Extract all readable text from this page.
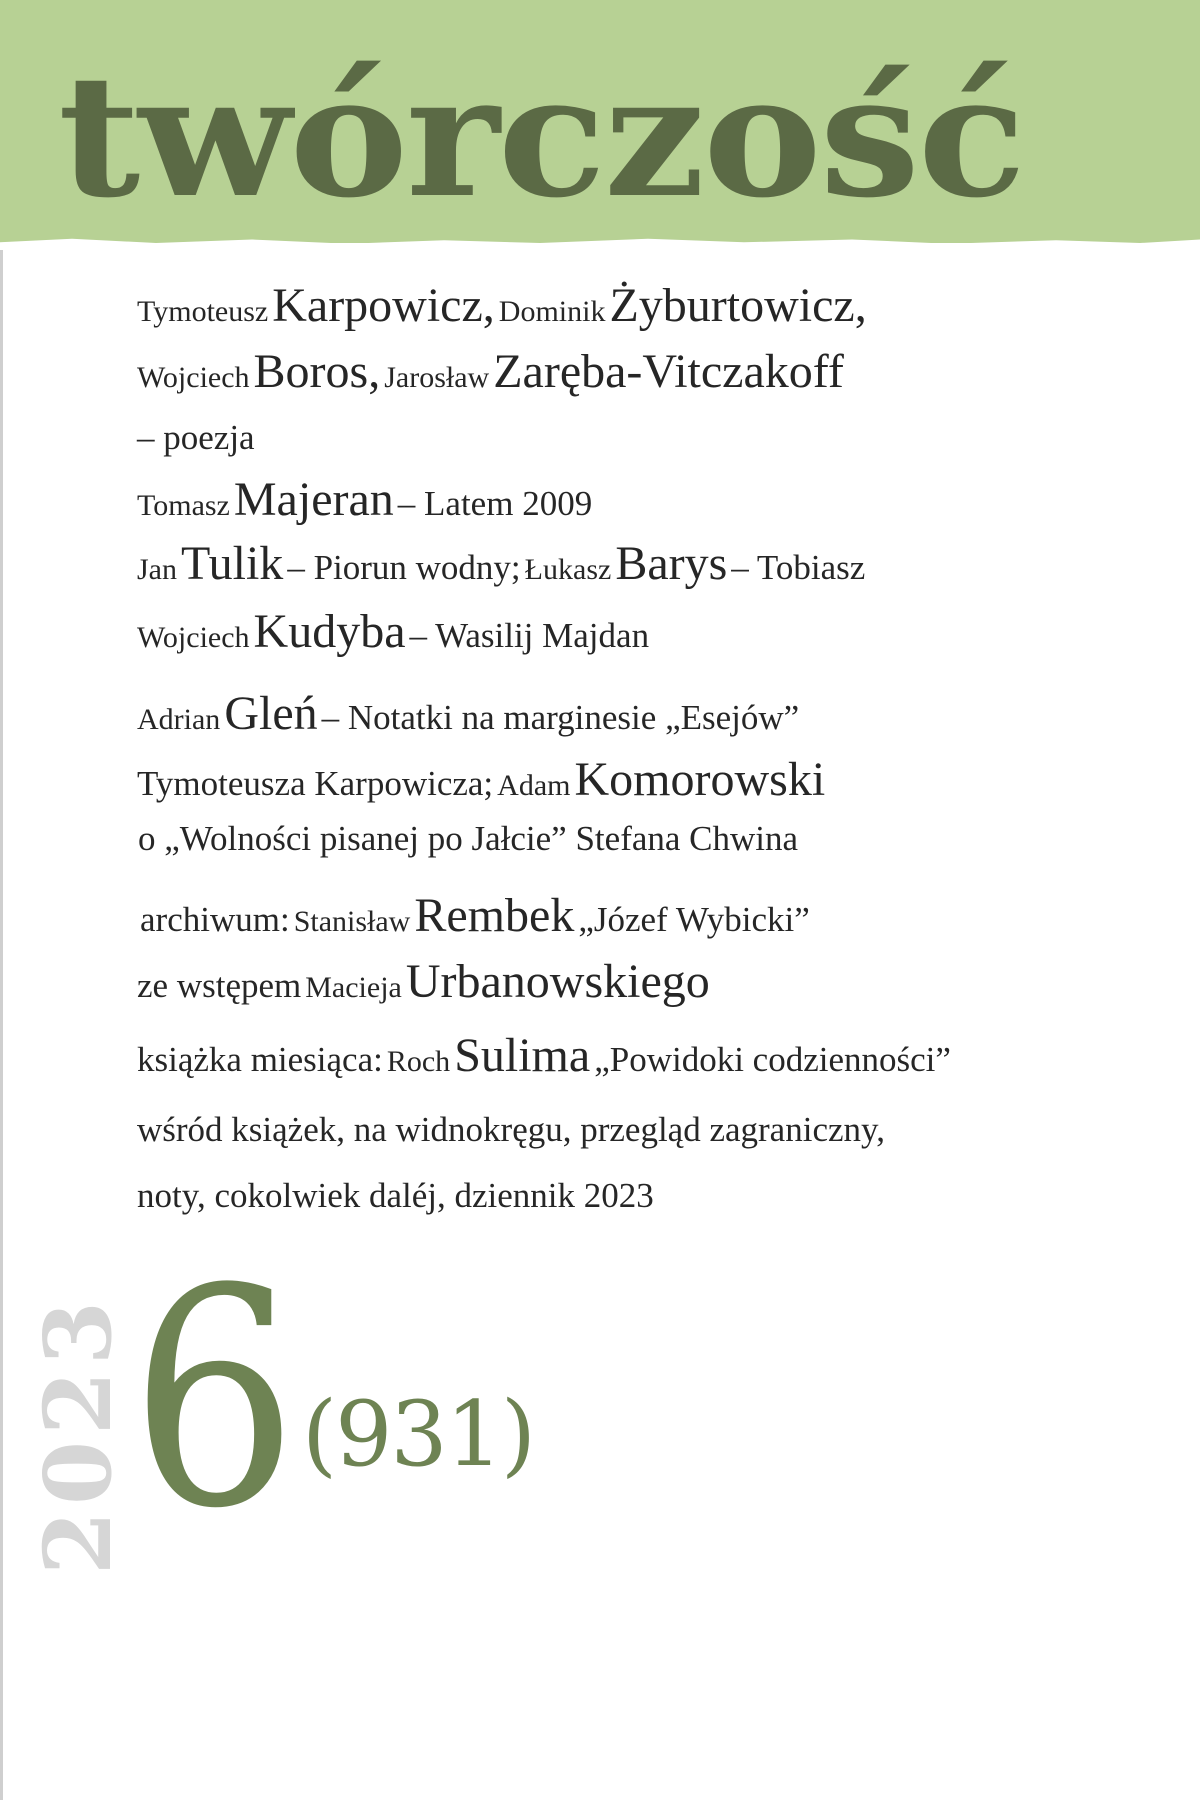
twórczość
Tymoteusz Karpowicz, Dominik Żyburtowicz,
Wojciech Boros, Jarosław Zaręba-Vitczakoff
– poezja
Tomasz Majeran – Latem 2009
Jan Tulik – Piorun wodny; Łukasz Barys – Tobiasz
Wojciech Kudyba – Wasilij Majdan
Adrian Gleń – Notatki na marginesie „Esejów”
Tymoteusza Karpowicza; Adam Komorowski
o „Wolności pisanej po Jałcie” Stefana Chwina
archiwum: Stanisław Rembek „Józef Wybicki”
ze wstępem Macieja Urbanowskiego
książka miesiąca: Roch Sulima „Powidoki codzienności”
wśród książek, na widnokręgu, przegląd zagraniczny,
noty, cokolwiek daléj, dziennik 2023
2023
6 (931)
